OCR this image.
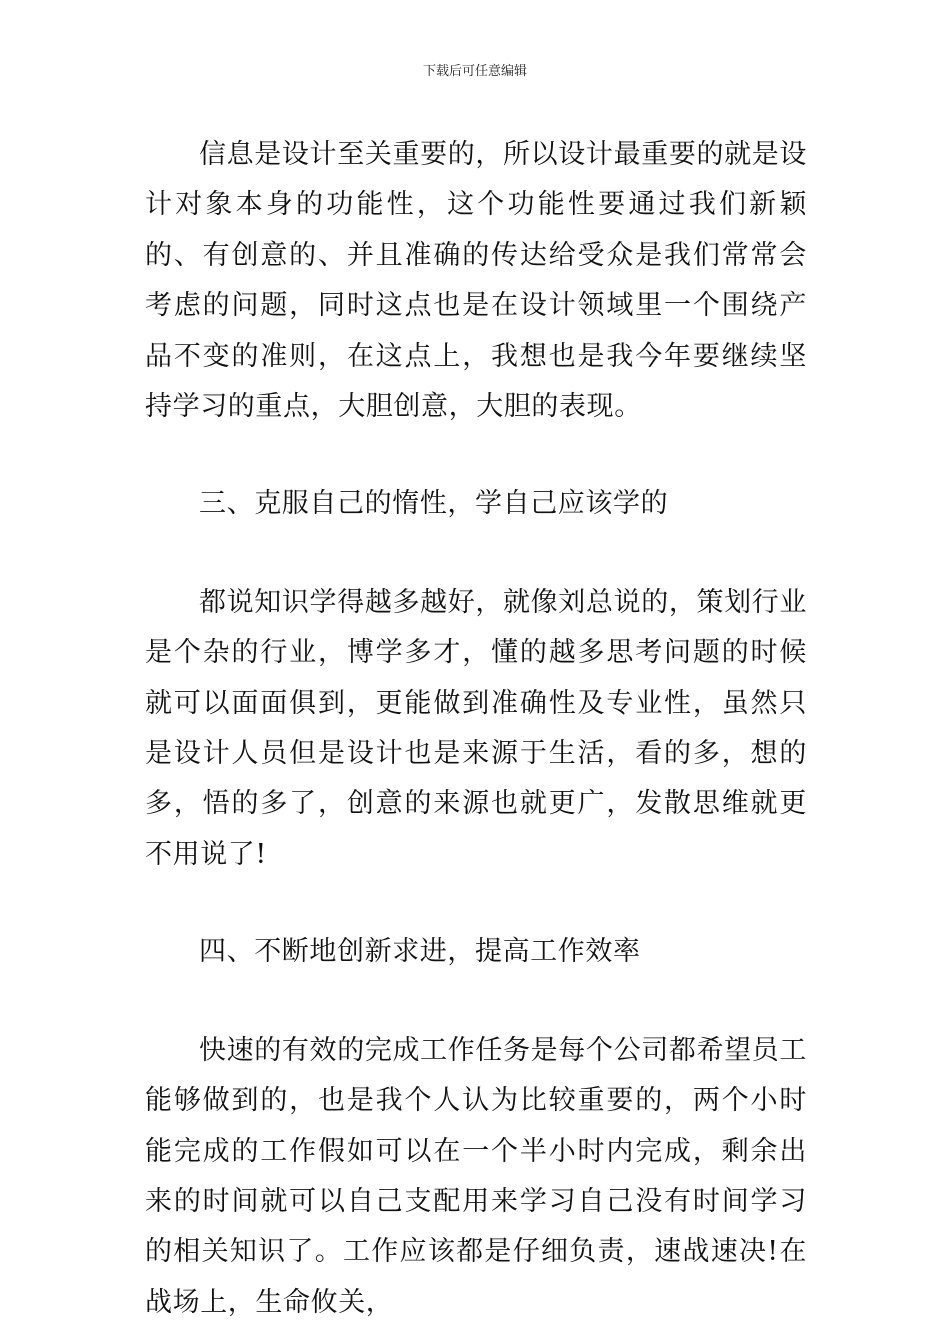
下载后可任意编辑

信息是设计至关重要的，所以设计最重要的就是设计对象本身的功能性，这个功能性要通过我们新颖的、有创意的、并且准确的传达给受众是我们常常会考虑的问题，同时这点也是在设计领域里一个围绕产品不变的准则，在这点上，我想也是我今年要继续坚持学习的重点，大胆创意，大胆的表现。

三、克服自己的惰性，学自己应该学的

都说知识学得越多越好，就像刘总说的，策划行业是个杂的行业，博学多才，懂的越多思考问题的时候就可以面面俱到，更能做到准确性及专业性，虽然只是设计人员但是设计也是来源于生活，看的多，想的多，悟的多了，创意的来源也就更广，发散思维就更不用说了!

四、不断地创新求进，提高工作效率

快速的有效的完成工作任务是每个公司都希望员工能够做到的，也是我个人认为比较重要的，两个小时能完成的工作假如可以在一个半小时内完成，剩余出来的时间就可以自己支配用来学习自己没有时间学习的相关知识了。工作应该都是仔细负责，速战速决!在战场上，生命攸关，
